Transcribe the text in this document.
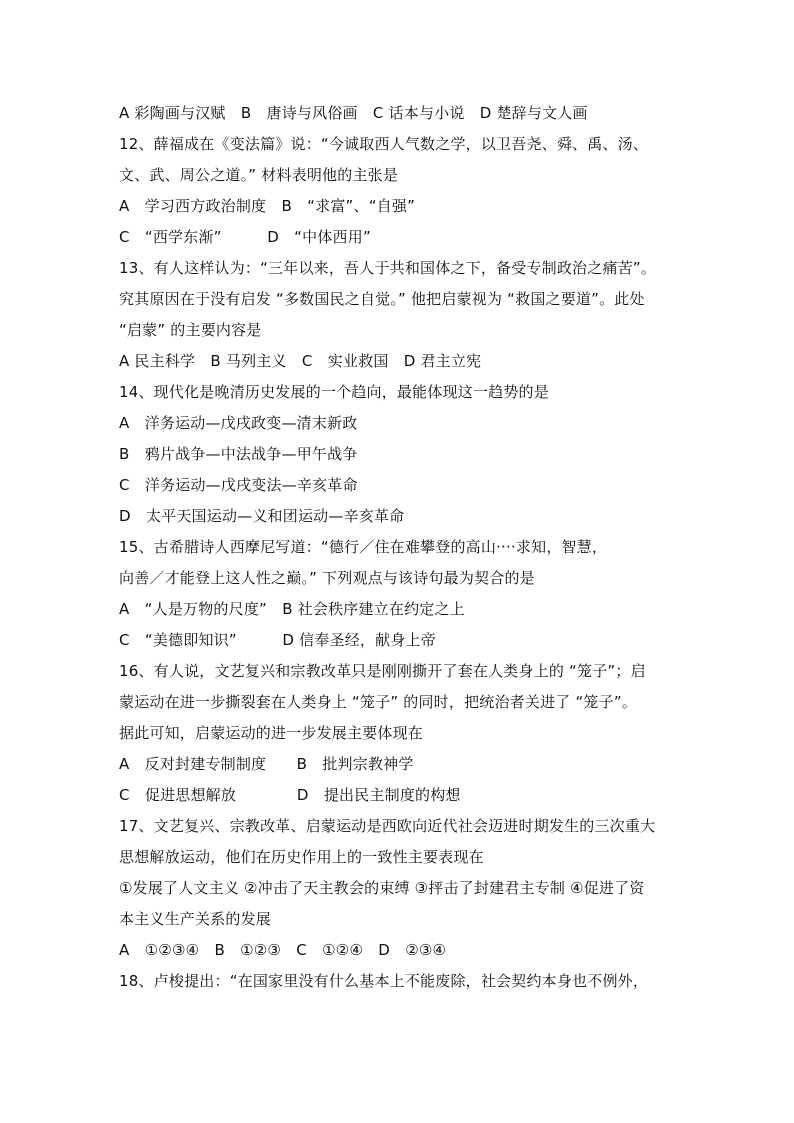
A 彩陶画与汉赋　B　唐诗与风俗画　C 话本与小说　D 楚辞与文人画
12、薛福成在《变法篇》说：“今诚取西人气数之学，以卫吾尧、舜、禹、汤、
文、武、周公之道。” 材料表明他的主张是
A　学习西方政治制度　B　“求富”、“自强”
C　“西学东渐”　　　D　“中体西用”
13、有人这样认为：“三年以来，吾人于共和国体之下，备受专制政治之痛苦”。
究其原因在于没有启发 “多数国民之自觉。” 他把启蒙视为 “救国之要道”。此处
“启蒙” 的主要内容是
A 民主科学　B 马列主义　C　实业救国　D 君主立宪
14、现代化是晚清历史发展的一个趋向，最能体现这一趋势的是
A　洋务运动—戊戌政变—清末新政
B　鸦片战争—中法战争—甲午战争
C　洋务运动—戊戌变法—辛亥革命
D　太平天国运动—义和团运动—辛亥革命
15、古希腊诗人西摩尼写道：“德行／住在难攀登的高山····求知，智慧，
向善／才能登上这人性之巅。” 下列观点与该诗句最为契合的是
A　“人是万物的尺度”　B 社会秩序建立在约定之上
C　“美德即知识”　　　D 信奉圣经，献身上帝
16、有人说，文艺复兴和宗教改革只是刚刚撕开了套在人类身上的 “笼子”；启
蒙运动在进一步撕裂套在人类身上 “笼子” 的同时，把统治者关进了 “笼子”。
据此可知，启蒙运动的进一步发展主要体现在
A　反对封建专制制度　　B　批判宗教神学
C　促进思想解放　　　　D　提出民主制度的构想
17、文艺复兴、宗教改革、启蒙运动是西欧向近代社会迈进时期发生的三次重大
思想解放运动，他们在历史作用上的一致性主要表现在
①发展了人文主义 ②冲击了天主教会的束缚 ③抨击了封建君主专制 ④促进了资
本主义生产关系的发展
A　①②③④　B　①②③　C　①②④　D　②③④
18、卢梭提出：“在国家里没有什么基本上不能废除，社会契约本身也不例外，
